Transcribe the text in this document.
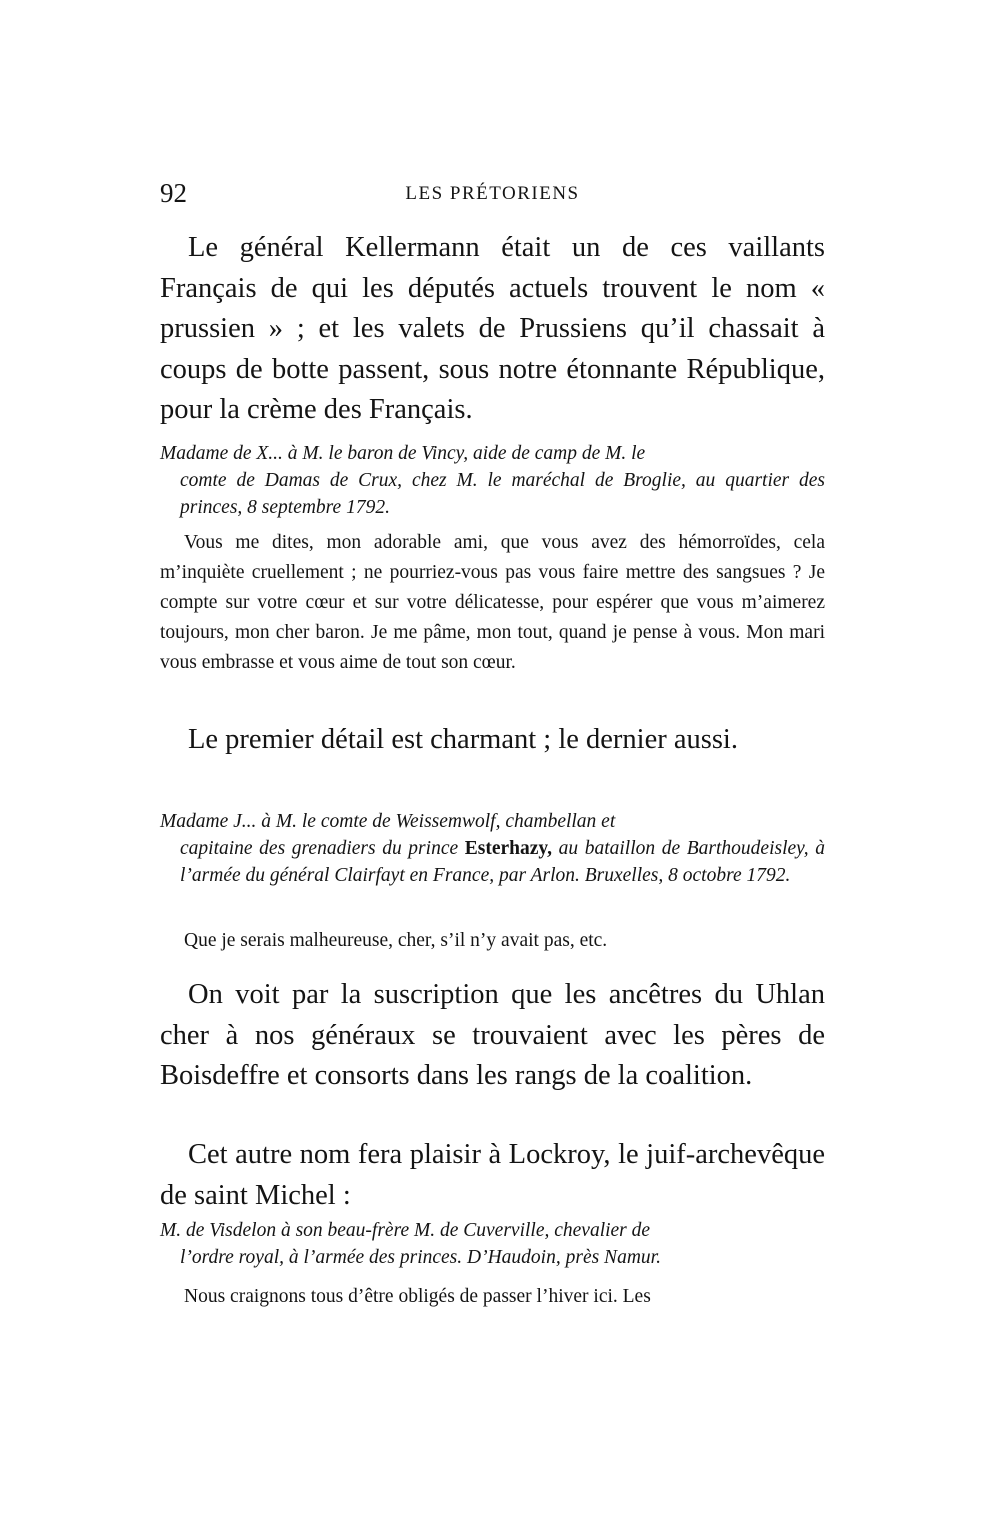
92	LES PRÉTORIENS

Le général Kellermann était un de ces vaillants Français de qui les députés actuels trouvent le nom « prussien » ; et les valets de Prussiens qu’il chassait à coups de botte passent, sous notre étonnante République, pour la crème des Français.

Madame de X... à M. le baron de Vincy, aide de camp de M. le
comte de Damas de Crux, chez M. le maréchal de Broglie, au quartier des princes, 8 septembre 1792.

Vous me dites, mon adorable ami, que vous avez des hémorroïdes, cela m’inquiète cruellement ; ne pourriez-vous pas vous faire mettre des sangsues ? Je compte sur votre cœur et sur votre délicatesse, pour espérer que vous m’aimerez toujours, mon cher baron. Je me pâme, mon tout, quand je pense à vous. Mon mari vous embrasse et vous aime de tout son cœur.

Le premier détail est charmant ; le dernier aussi.

Madame J... à M. le comte de Weissemwolf, chambellan et
capitaine des grenadiers du prince Esterhazy, au bataillon de Barthoudeisley, à l’armée du général Clairfayt en France, par Arlon. Bruxelles, 8 octobre 1792.

Que je serais malheureuse, cher, s’il n’y avait pas, etc.

On voit par la suscription que les ancêtres du Uhlan cher à nos généraux se trouvaient avec les pères de Boisdeffre et consorts dans les rangs de la coalition.

Cet autre nom fera plaisir à Lockroy, le juif-archevêque de saint Michel :

M. de Visdelon à son beau-frère M. de Cuverville, chevalier de
l’ordre royal, à l’armée des princes. D’Haudoin, près Namur.

Nous craignons tous d’être obligés de passer l’hiver ici. Les
